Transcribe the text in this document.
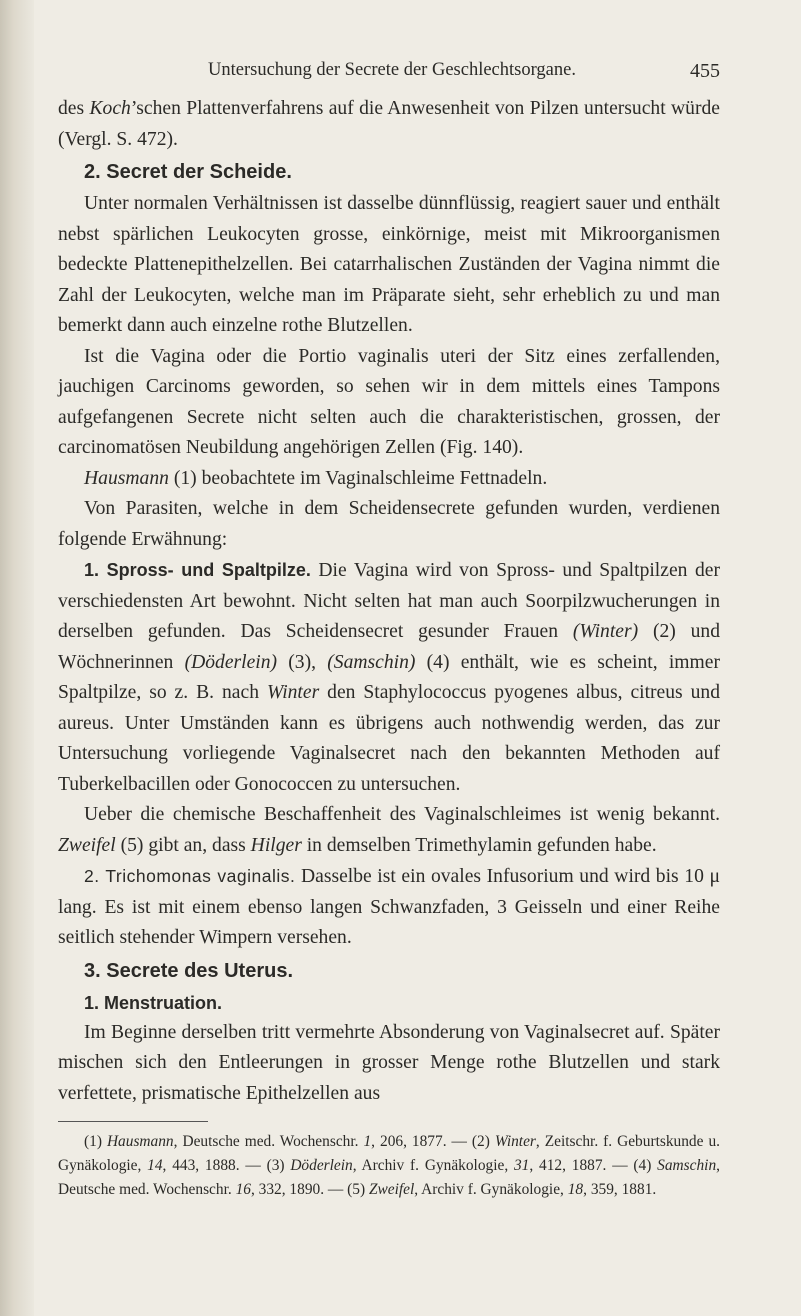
Untersuchung der Secrete der Geschlechtsorgane.	455

des Koch’schen Plattenverfahrens auf die Anwesenheit von Pilzen untersucht würde (Vergl. S. 472).

2. Secret der Scheide.

Unter normalen Verhältnissen ist dasselbe dünnflüssig, reagiert sauer und enthält nebst spärlichen Leukocyten grosse, einkörnige, meist mit Mikroorganismen bedeckte Plattenepithelzellen. Bei catarrhalischen Zuständen der Vagina nimmt die Zahl der Leukocyten, welche man im Präparate sieht, sehr erheblich zu und man bemerkt dann auch einzelne rothe Blutzellen.

Ist die Vagina oder die Portio vaginalis uteri der Sitz eines zerfallenden, jauchigen Carcinoms geworden, so sehen wir in dem mittels eines Tampons aufgefangenen Secrete nicht selten auch die charakteristischen, grossen, der carcinomatösen Neubildung angehörigen Zellen (Fig. 140).

Hausmann (1) beobachtete im Vaginalschleime Fettnadeln.

Von Parasiten, welche in dem Scheidensecrete gefunden wurden, verdienen folgende Erwähnung:

1. Spross- und Spaltpilze. Die Vagina wird von Spross- und Spaltpilzen der verschiedensten Art bewohnt. Nicht selten hat man auch Soorpilzwucherungen in derselben gefunden. Das Scheidensecret gesunder Frauen (Winter) (2) und Wöchnerinnen (Döderlein) (3), (Samschin) (4) enthält, wie es scheint, immer Spaltpilze, so z. B. nach Winter den Staphylococcus pyogenes albus, citreus und aureus. Unter Umständen kann es übrigens auch nothwendig werden, das zur Untersuchung vorliegende Vaginalsecret nach den bekannten Methoden auf Tuberkelbacillen oder Gonococcen zu untersuchen.

Ueber die chemische Beschaffenheit des Vaginalschleimes ist wenig bekannt. Zweifel (5) gibt an, dass Hilger in demselben Trimethylamin gefunden habe.

2. Trichomonas vaginalis. Dasselbe ist ein ovales Infusorium und wird bis 10 μ lang. Es ist mit einem ebenso langen Schwanzfaden, 3 Geisseln und einer Reihe seitlich stehender Wimpern versehen.

3. Secrete des Uterus.
1. Menstruation.

Im Beginne derselben tritt vermehrte Absonderung von Vaginalsecret auf. Später mischen sich den Entleerungen in grosser Menge rothe Blutzellen und stark verfettete, prismatische Epithelzellen aus

(1) Hausmann, Deutsche med. Wochenschr. 1, 206, 1877. — (2) Winter, Zeitschr. f. Geburtskunde u. Gynäkologie, 14, 443, 1888. — (3) Döderlein, Archiv f. Gynäkologie, 31, 412, 1887. — (4) Samschin, Deutsche med. Wochenschr. 16, 332, 1890. — (5) Zweifel, Archiv f. Gynäkologie, 18, 359, 1881.
